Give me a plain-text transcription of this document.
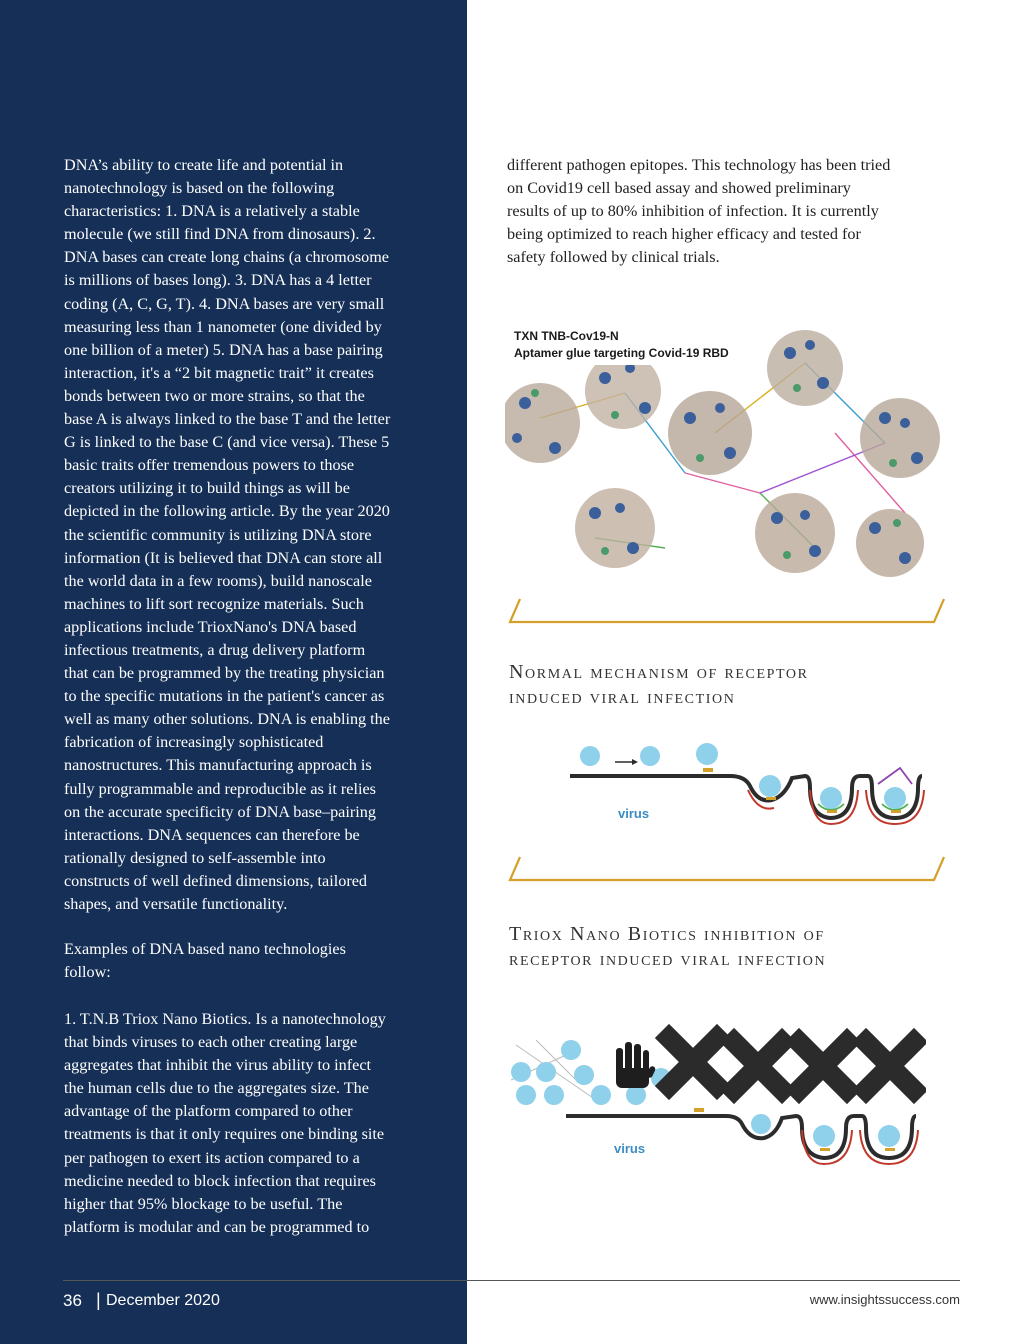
DNA’s ability to create life and potential in
nanotechnology is based on the following
characteristics: 1. DNA is a relatively a stable
molecule (we still find DNA from dinosaurs). 2.
DNA bases can create long chains (a chromosome
is millions of bases long). 3. DNA has a 4 letter
coding (A, C, G, T). 4. DNA bases are very small
measuring less than 1 nanometer (one divided by
one billion of a meter) 5. DNA has a base pairing
interaction, it's a “2 bit magnetic trait” it creates
bonds between two or more strains, so that the
base A is always linked to the base T and the letter
G is linked to the base C (and vice versa). These 5
basic traits offer tremendous powers to those
creators utilizing it to build things as will be
depicted in the following article. By the year 2020
the scientific community is utilizing DNA store
information (It is believed that DNA can store all
the world data in a few rooms), build nanoscale
machines to lift sort recognize materials. Such
applications include TrioxNano's DNA based
infectious treatments, a drug delivery platform
that can be programmed by the treating physician
to the specific mutations in the patient's cancer as
well as many other solutions. DNA is enabling the
fabrication of increasingly sophisticated
nanostructures. This manufacturing approach is
fully programmable and reproducible as it relies
on the accurate specificity of DNA base–pairing
interactions. DNA sequences can therefore be
rationally designed to self-assemble into
constructs of well defined dimensions, tailored
shapes, and versatile functionality.

Examples of DNA based nano technologies
follow:

1. T.N.B Triox Nano Biotics. Is a nanotechnology
that binds viruses to each other creating large
aggregates that inhibit the virus ability to infect
the human cells due to the aggregates size. The
advantage of the platform compared to other
treatments is that it only requires one binding site
per pathogen to exert its action compared to a
medicine needed to block infection that requires
higher that 95% blockage to be useful. The
platform is modular and can be programmed to

different pathogen epitopes. This technology has been tried
on Covid19 cell based assay and showed preliminary
results of up to 80% inhibition of infection. It is currently
being optimized to reach higher efficacy and tested for
safety followed by clinical trials.

TXN TNB-Cov19-N
Aptamer glue targeting Covid-19 RBD

Normal mechanism of receptor
induced viral infection

virus

Triox Nano Biotics inhibition of
receptor induced viral infection

virus
36 | December 2020	www.insightssuccess.com
